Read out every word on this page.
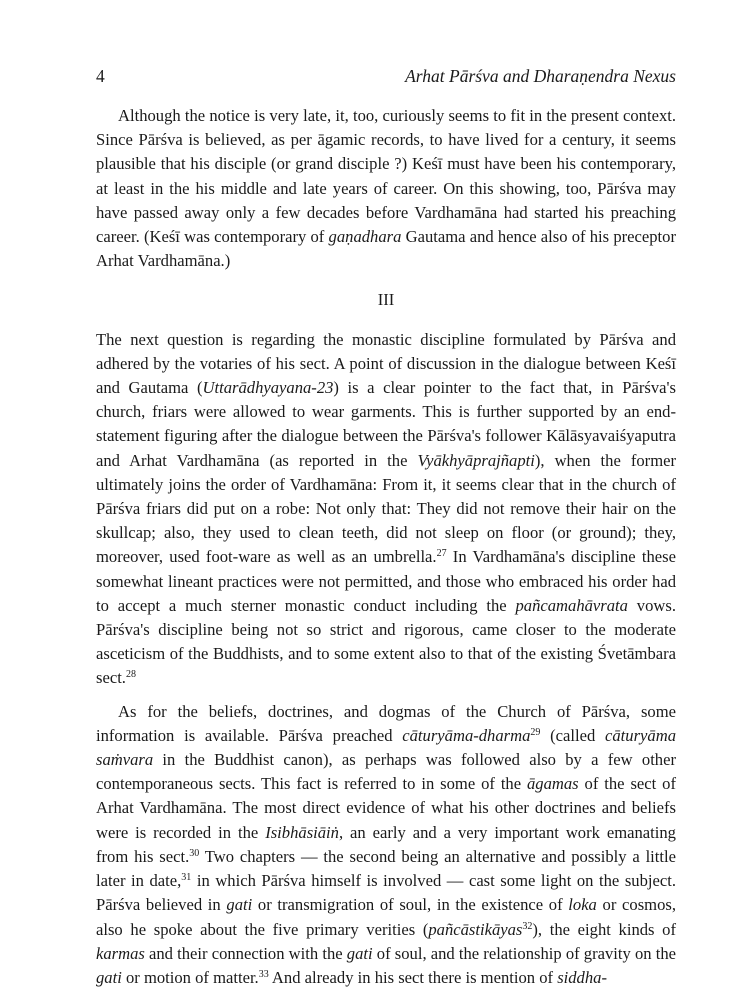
4	Arhat Pārśva and Dharaṇendra Nexus

Although the notice is very late, it, too, curiously seems to fit in the present context. Since Pārśva is believed, as per āgamic records, to have lived for a century, it seems plausible that his disciple (or grand disciple ?) Keśī must have been his contemporary, at least in the his middle and late years of career. On this showing, too, Pārśva may have passed away only a few decades before Vardhamāna had started his preaching career. (Keśī was contemporary of gaṇadhara Gautama and hence also of his preceptor Arhat Vardhamāna.)

III

The next question is regarding the monastic discipline formulated by Pārśva and adhered by the votaries of his sect. A point of discussion in the dialogue between Keśī and Gautama (Uttarādhyayana-23) is a clear pointer to the fact that, in Pārśva's church, friars were allowed to wear garments. This is further supported by an end-statement figuring after the dialogue between the Pārśva's follower Kālāsyavaiśyaputra and Arhat Vardhamāna (as reported in the Vyākhyāprajñapti), when the former ultimately joins the order of Vardhamāna: From it, it seems clear that in the church of Pārśva friars did put on a robe: Not only that: They did not remove their hair on the skullcap; also, they used to clean teeth, did not sleep on floor (or ground); they, moreover, used foot-ware as well as an umbrella.$^{27}$ In Vardhamāna's discipline these somewhat lineant practices were not permitted, and those who embraced his order had to accept a much sterner monastic conduct including the pañcamahāvrata vows. Pārśva's discipline being not so strict and rigorous, came closer to the moderate asceticism of the Buddhists, and to some extent also to that of the existing Śvetāmbara sect.$^{28}$

As for the beliefs, doctrines, and dogmas of the Church of Pārśva, some information is available. Pārśva preached cāturyāma-dharma$^{29}$ (called cāturyāma saṁvara in the Buddhist canon), as perhaps was followed also by a few other contemporaneous sects. This fact is referred to in some of the āgamas of the sect of Arhat Vardhamāna. The most direct evidence of what his other doctrines and beliefs were is recorded in the Isibhāsiāiṅ, an early and a very important work emanating from his sect.$^{30}$ Two chapters — the second being an alternative and possibly a little later in date,$^{31}$ in which Pārśva himself is involved — cast some light on the subject. Pārśva believed in gati or transmigration of soul, in the existence of loka or cosmos, also he spoke about the five primary verities (pañcāstikāyas$^{32}$), the eight kinds of karmas and their connection with the gati of soul, and the relationship of gravity on the gati or motion of matter.$^{33}$ And already in his sect there is mention of siddha-
